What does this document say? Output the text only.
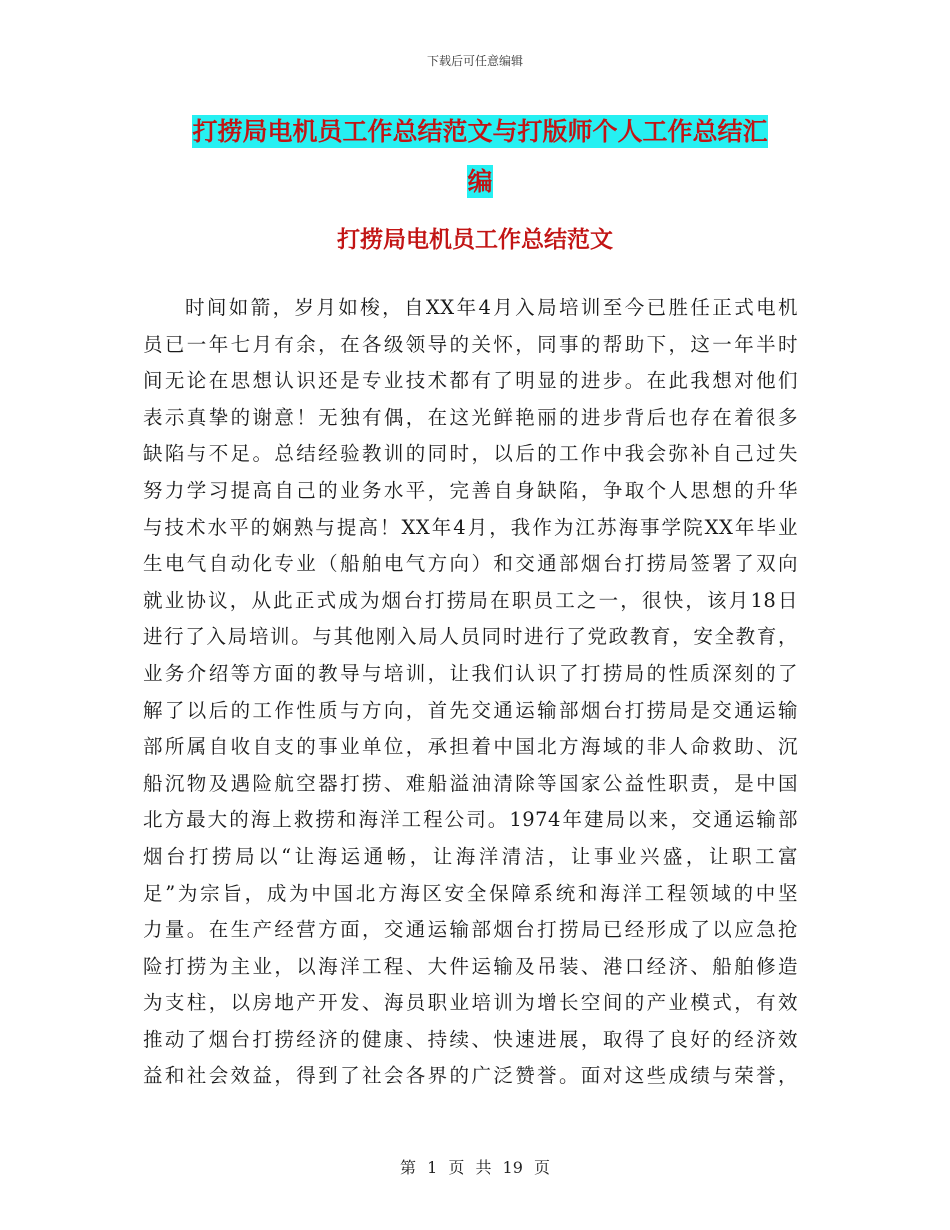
下载后可任意编辑
打捞局电机员工作总结范文与打版师个人工作总结汇
编
打捞局电机员工作总结范文
时间如箭，岁月如梭，自XX年4月入局培训至今已胜任正式电机
员已一年七月有余，在各级领导的关怀，同事的帮助下，这一年半时
间无论在思想认识还是专业技术都有了明显的进步。在此我想对他们
表示真挚的谢意！无独有偶，在这光鲜艳丽的进步背后也存在着很多
缺陷与不足。总结经验教训的同时，以后的工作中我会弥补自己过失
努力学习提高自己的业务水平，完善自身缺陷，争取个人思想的升华
与技术水平的娴熟与提高！XX年4月，我作为江苏海事学院XX年毕业
生电气自动化专业（船舶电气方向）和交通部烟台打捞局签署了双向
就业协议，从此正式成为烟台打捞局在职员工之一，很快，该月18日
进行了入局培训。与其他刚入局人员同时进行了党政教育，安全教育，
业务介绍等方面的教导与培训，让我们认识了打捞局的性质深刻的了
解了以后的工作性质与方向，首先交通运输部烟台打捞局是交通运输
部所属自收自支的事业单位，承担着中国北方海域的非人命救助、沉
船沉物及遇险航空器打捞、难船溢油清除等国家公益性职责，是中国
北方最大的海上救捞和海洋工程公司。1974年建局以来，交通运输部
烟台打捞局以“让海运通畅，让海洋清洁，让事业兴盛，让职工富
足”为宗旨，成为中国北方海区安全保障系统和海洋工程领域的中坚
力量。在生产经营方面，交通运输部烟台打捞局已经形成了以应急抢
险打捞为主业，以海洋工程、大件运输及吊装、港口经济、船舶修造
为支柱，以房地产开发、海员职业培训为增长空间的产业模式，有效
推动了烟台打捞经济的健康、持续、快速进展，取得了良好的经济效
益和社会效益，得到了社会各界的广泛赞誉。面对这些成绩与荣誉，
第 1 页 共 19 页
